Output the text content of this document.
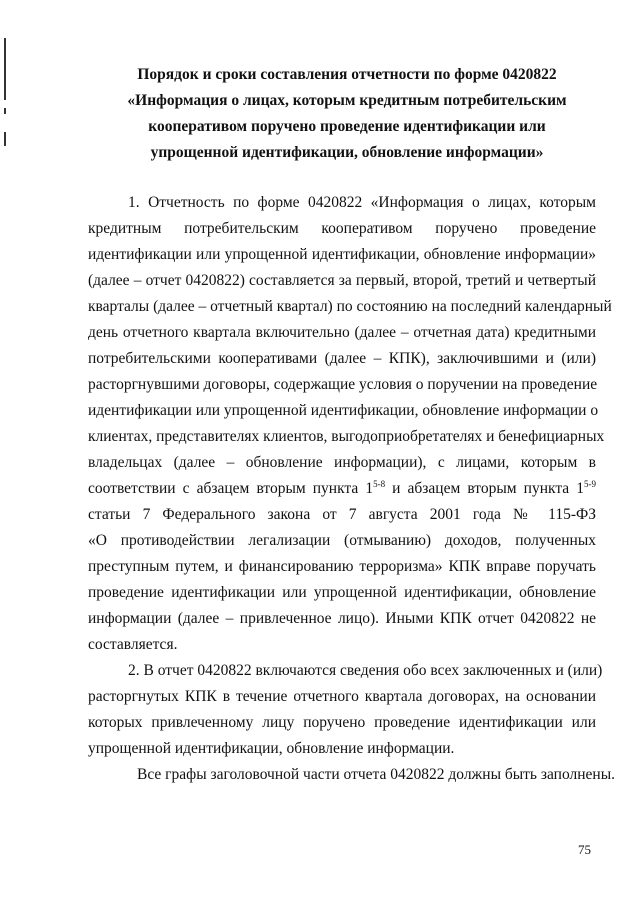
Порядок и сроки составления отчетности по форме 0420822
«Информация о лицах, которым кредитным потребительским
кооперативом поручено проведение идентификации или
упрощенной идентификации, обновление информации»
1. Отчетность по форме 0420822 «Информация о лицах, которым
кредитным потребительским кооперативом поручено проведение
идентификации или упрощенной идентификации, обновление информации»
(далее – отчет 0420822) составляется за первый, второй, третий и четвертый
кварталы (далее – отчетный квартал) по состоянию на последний календарный
день отчетного квартала включительно (далее – отчетная дата) кредитными
потребительскими кооперативами (далее – КПК), заключившими и (или)
расторгнувшими договоры, содержащие условия о поручении на проведение
идентификации или упрощенной идентификации, обновление информации о
клиентах, представителях клиентов, выгодоприобретателях и бенефициарных
владельцах (далее – обновление информации), с лицами, которым в
соответствии с абзацем вторым пункта 1$^{5-8}$ и абзацем вторым пункта 1$^{5-9}$
статьи 7 Федерального закона от 7 августа 2001 года № 115-ФЗ
«О противодействии легализации (отмыванию) доходов, полученных
преступным путем, и финансированию терроризма» КПК вправе поручать
проведение идентификации или упрощенной идентификации, обновление
информации (далее – привлеченное лицо). Иными КПК отчет 0420822 не
составляется.
2. В отчет 0420822 включаются сведения обо всех заключенных и (или)
расторгнутых КПК в течение отчетного квартала договорах, на основании
которых привлеченному лицу поручено проведение идентификации или
упрощенной идентификации, обновление информации.
Все графы заголовочной части отчета 0420822 должны быть заполнены.
75
